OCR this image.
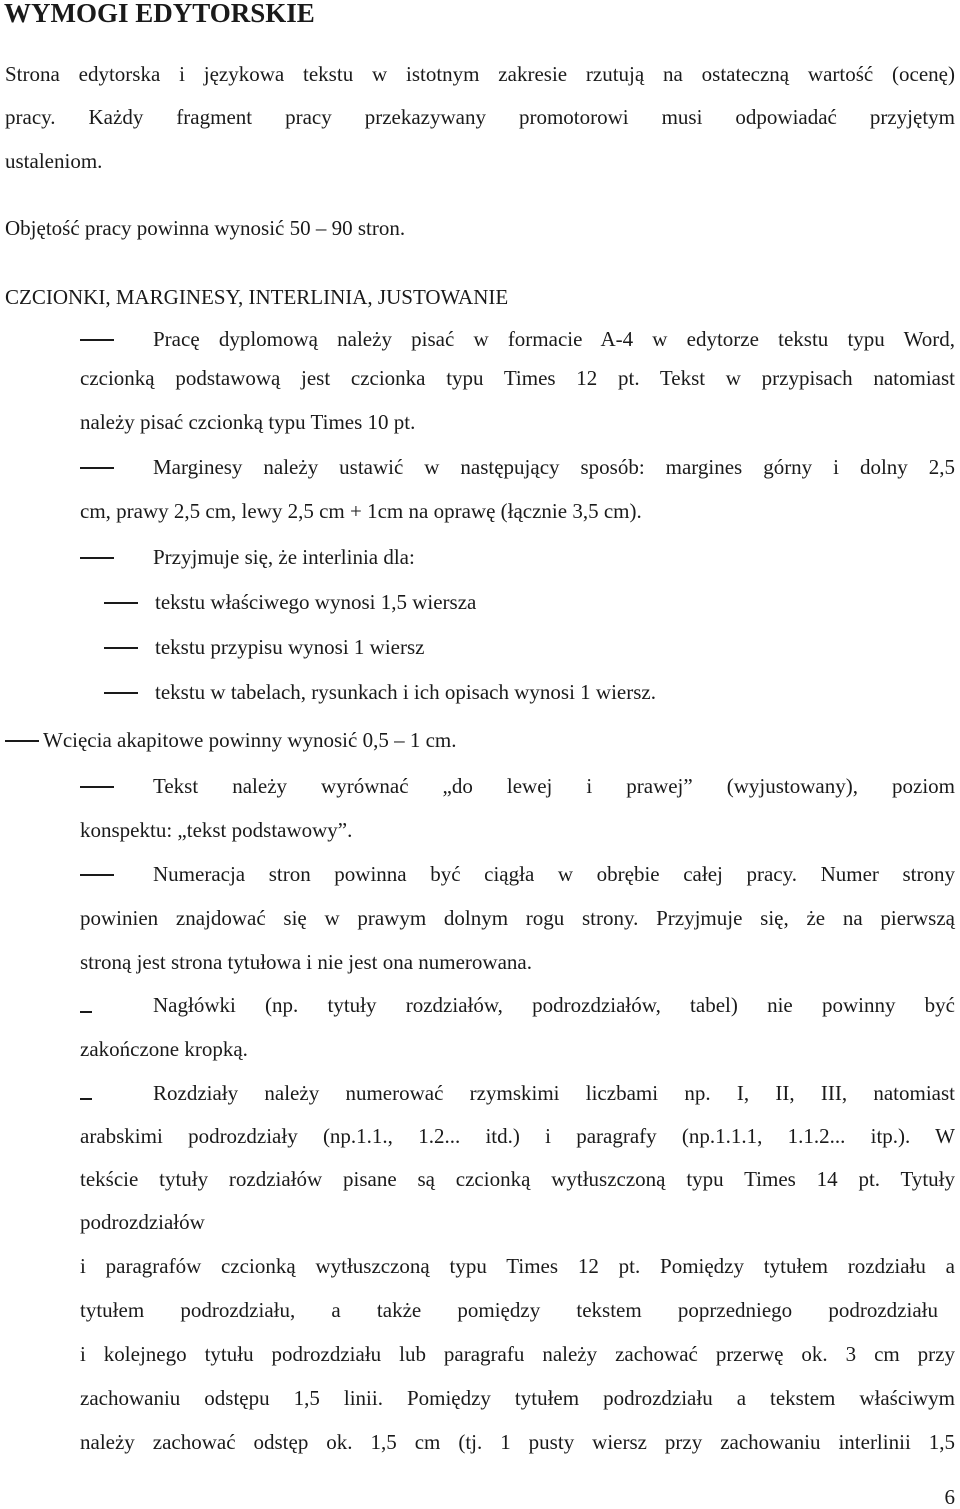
WYMOGI EDYTORSKIE

Strona edytorska i językowa tekstu w istotnym zakresie rzutują na ostateczną wartość (ocenę)

pracy. Każdy fragment pracy przekazywany promotorowi musi odpowiadać przyjętym

ustaleniom.

Objętość pracy powinna wynosić 50 – 90 stron.

CZCIONKI, MARGINESY, INTERLINIA, JUSTOWANIE

Pracę dyplomową należy pisać w formacie A-4 w edytorze tekstu typu Word,

czcionką podstawową jest czcionka typu Times 12 pt. Tekst w przypisach natomiast

należy pisać czcionką typu Times 10 pt.

Marginesy należy ustawić w następujący sposób: margines górny i dolny 2,5

cm, prawy 2,5 cm, lewy 2,5 cm + 1cm na oprawę (łącznie 3,5 cm).

Przyjmuje się, że interlinia dla:

tekstu właściwego wynosi 1,5 wiersza

tekstu przypisu wynosi 1 wiersz

tekstu w tabelach, rysunkach i ich opisach wynosi 1 wiersz.

Wcięcia akapitowe powinny wynosić 0,5 – 1 cm.

Tekst należy wyrównać „do lewej i prawej” (wyjustowany), poziom

konspektu: „tekst podstawowy”.

Numeracja stron powinna być ciągła w obrębie całej pracy. Numer strony

powinien znajdować się w prawym dolnym rogu strony. Przyjmuje się, że na pierwszą

stroną jest strona tytułowa i nie jest ona numerowana.

Nagłówki (np. tytuły rozdziałów, podrozdziałów, tabel) nie powinny być

zakończone kropką.

Rozdziały należy numerować rzymskimi liczbami np. I, II, III, natomiast

arabskimi podrozdziały (np.1.1., 1.2... itd.) i paragrafy (np.1.1.1, 1.1.2... itp.). W

tekście tytuły rozdziałów pisane są czcionką wytłuszczoną typu Times 14 pt. Tytuły

podrozdziałów

i paragrafów czcionką wytłuszczoną typu Times 12 pt. Pomiędzy tytułem rozdziału a

tytułem podrozdziału, a także pomiędzy tekstem poprzedniego podrozdziału

i kolejnego tytułu podrozdziału lub paragrafu należy zachować przerwę ok. 3 cm przy

zachowaniu odstępu 1,5 linii. Pomiędzy tytułem podrozdziału a tekstem właściwym

należy zachować odstęp ok. 1,5 cm (tj. 1 pusty wiersz przy zachowaniu interlinii 1,5

6
